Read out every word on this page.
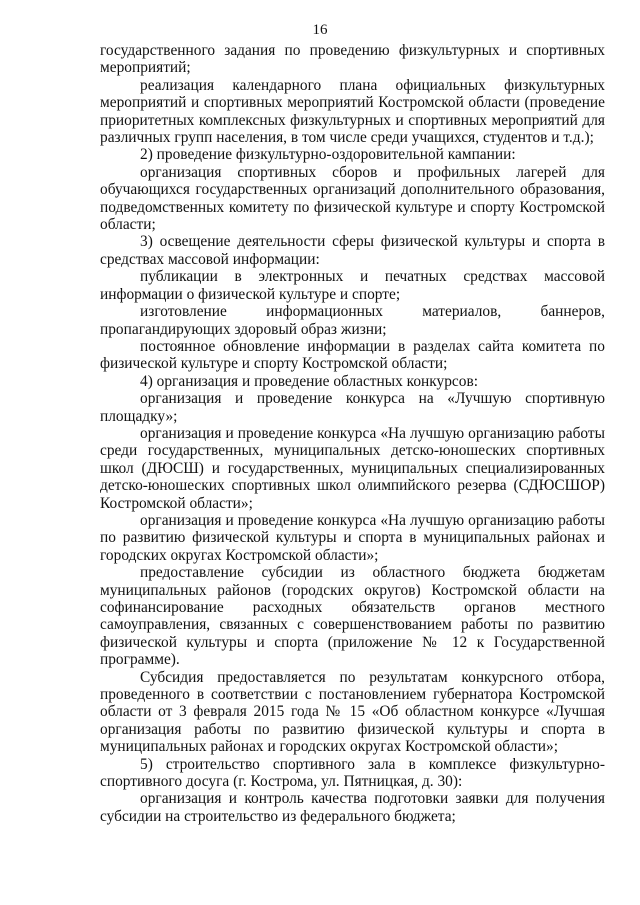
16

государственного задания по проведению физкультурных и спортивных мероприятий;

реализация календарного плана официальных физкультурных мероприятий и спортивных мероприятий Костромской области (проведение приоритетных комплексных физкультурных и спортивных мероприятий для различных групп населения, в том числе среди учащихся, студентов и т.д.);

2) проведение физкультурно-оздоровительной кампании:

организация спортивных сборов и профильных лагерей для обучающихся государственных организаций дополнительного образования, подведомственных комитету по физической культуре и спорту Костромской области;

3) освещение деятельности сферы физической культуры и спорта в средствах массовой информации:

публикации в электронных и печатных средствах массовой информации о физической культуре и спорте;

изготовление информационных материалов, баннеров, пропагандирующих здоровый образ жизни;

постоянное обновление информации в разделах сайта комитета по физической культуре и спорту Костромской области;

4) организация и проведение областных конкурсов:

организация и проведение конкурса на «Лучшую спортивную площадку»;

организация и проведение конкурса «На лучшую организацию работы среди государственных, муниципальных детско-юношеских спортивных школ (ДЮСШ) и государственных, муниципальных специализированных детско-юношеских спортивных школ олимпийского резерва (СДЮСШОР) Костромской области»;

организация и проведение конкурса «На лучшую организацию работы по развитию физической культуры и спорта в муниципальных районах и городских округах Костромской области»;

предоставление субсидии из областного бюджета бюджетам муниципальных районов (городских округов) Костромской области на софинансирование расходных обязательств органов местного самоуправления, связанных с совершенствованием работы по развитию физической культуры и спорта (приложение № 12 к Государственной программе).

Субсидия предоставляется по результатам конкурсного отбора, проведенного в соответствии с постановлением губернатора Костромской области от 3 февраля 2015 года № 15 «Об областном конкурсе «Лучшая организация работы по развитию физической культуры и спорта в муниципальных районах и городских округах Костромской области»;

5) строительство спортивного зала в комплексе физкультурно-спортивного досуга (г. Кострома, ул. Пятницкая, д. 30):

организация и контроль качества подготовки заявки для получения субсидии на строительство из федерального бюджета;
